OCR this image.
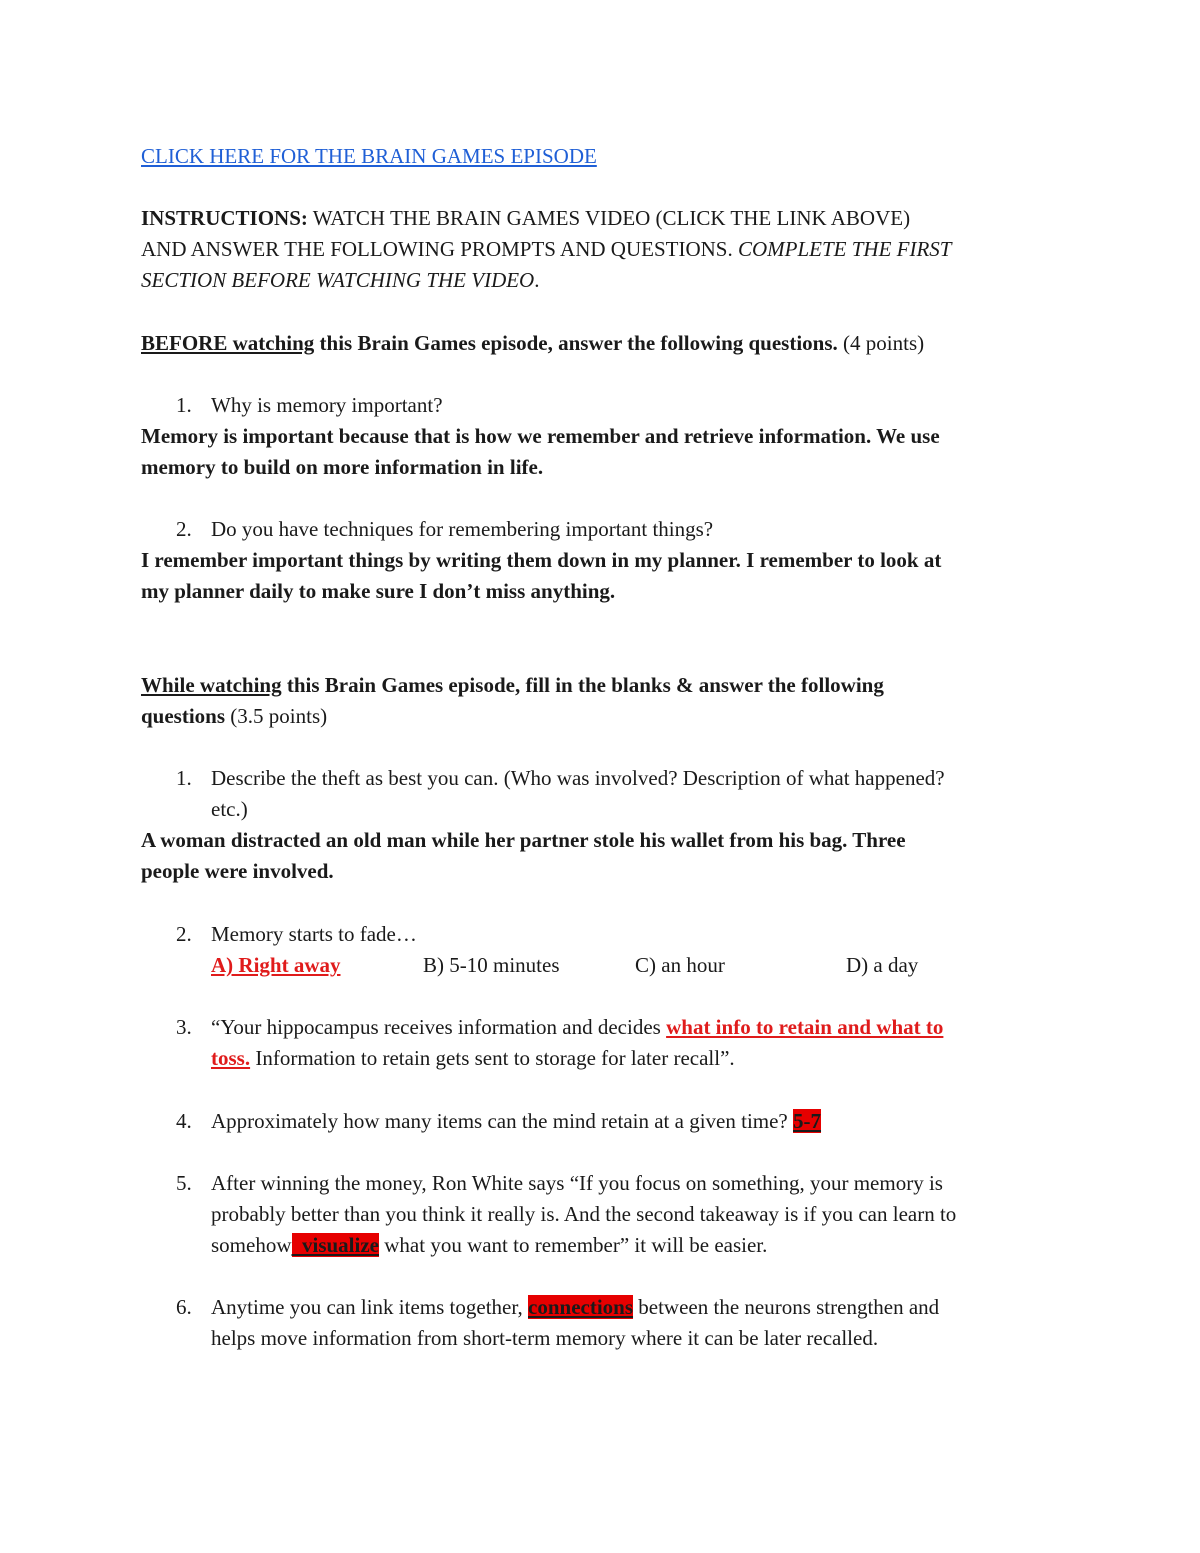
CLICK HERE FOR THE BRAIN GAMES EPISODE
INSTRUCTIONS: WATCH THE BRAIN GAMES VIDEO (CLICK THE LINK ABOVE)
AND ANSWER THE FOLLOWING PROMPTS AND QUESTIONS. COMPLETE THE FIRST
SECTION BEFORE WATCHING THE VIDEO.
BEFORE watching this Brain Games episode, answer the following questions. (4 points)
1. Why is memory important?
Memory is important because that is how we remember and retrieve information. We use
memory to build on more information in life.
2. Do you have techniques for remembering important things?
I remember important things by writing them down in my planner. I remember to look at
my planner daily to make sure I don’t miss anything.
While watching this Brain Games episode, fill in the blanks & answer the following
questions (3.5 points)
1. Describe the theft as best you can. (Who was involved? Description of what happened?
etc.)
A woman distracted an old man while her partner stole his wallet from his bag. Three
people were involved.
2. Memory starts to fade…
A) Right away	B) 5-10 minutes	C) an hour	D) a day
3. “Your hippocampus receives information and decides what info to retain and what to
toss. Information to retain gets sent to storage for later recall”.
4. Approximately how many items can the mind retain at a given time? 5-7
5. After winning the money, Ron White says “If you focus on something, your memory is
probably better than you think it really is. And the second takeaway is if you can learn to
somehow  visualize what you want to remember” it will be easier.
6. Anytime you can link items together, connections between the neurons strengthen and
helps move information from short-term memory where it can be later recalled.
